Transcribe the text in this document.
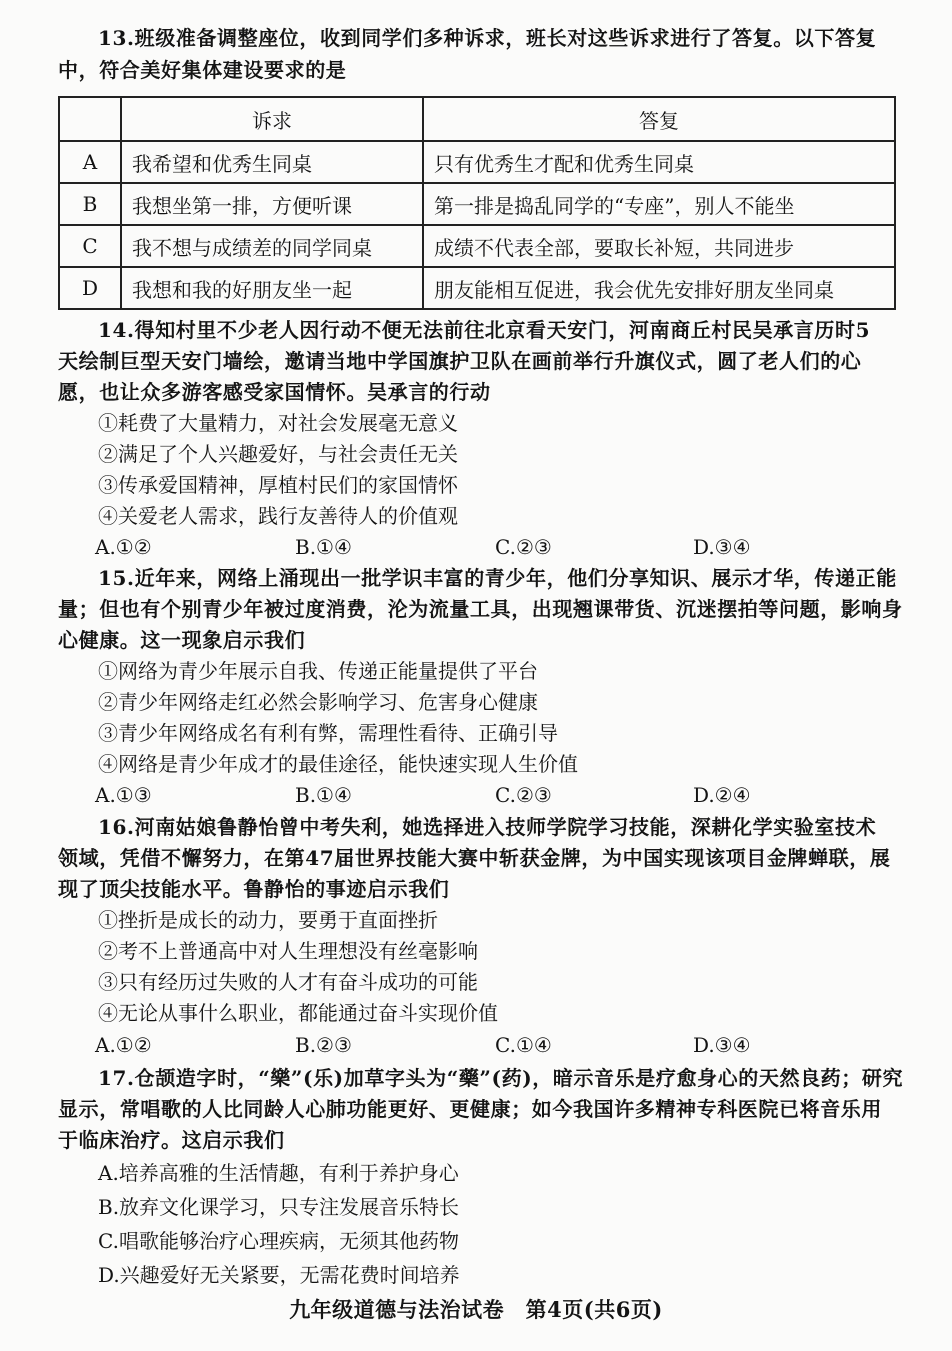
13.班级准备调整座位，收到同学们多种诉求，班长对这些诉求进行了答复。以下答复
中，符合美好集体建设要求的是
	诉求	答复
A	我希望和优秀生同桌	只有优秀生才配和优秀生同桌
B	我想坐第一排，方便听课	第一排是捣乱同学的“专座”，别人不能坐
C	我不想与成绩差的同学同桌	成绩不代表全部，要取长补短，共同进步
D	我想和我的好朋友坐一起	朋友能相互促进，我会优先安排好朋友坐同桌
14.得知村里不少老人因行动不便无法前往北京看天安门，河南商丘村民吴承言历时5
天绘制巨型天安门墙绘，邀请当地中学国旗护卫队在画前举行升旗仪式，圆了老人们的心
愿，也让众多游客感受家国情怀。吴承言的行动
①耗费了大量精力，对社会发展毫无意义
②满足了个人兴趣爱好，与社会责任无关
③传承爱国精神，厚植村民们的家国情怀
④关爱老人需求，践行友善待人的价值观
A.①②	B.①④	C.②③	D.③④
15.近年来，网络上涌现出一批学识丰富的青少年，他们分享知识、展示才华，传递正能
量；但也有个别青少年被过度消费，沦为流量工具，出现翘课带货、沉迷摆拍等问题，影响身
心健康。这一现象启示我们
①网络为青少年展示自我、传递正能量提供了平台
②青少年网络走红必然会影响学习、危害身心健康
③青少年网络成名有利有弊，需理性看待、正确引导
④网络是青少年成才的最佳途径，能快速实现人生价值
A.①③	B.①④	C.②③	D.②④
16.河南姑娘鲁静怡曾中考失利，她选择进入技师学院学习技能，深耕化学实验室技术
领域，凭借不懈努力，在第47届世界技能大赛中斩获金牌，为中国实现该项目金牌蝉联，展
现了顶尖技能水平。鲁静怡的事迹启示我们
①挫折是成长的动力，要勇于直面挫折
②考不上普通高中对人生理想没有丝毫影响
③只有经历过失败的人才有奋斗成功的可能
④无论从事什么职业，都能通过奋斗实现价值
A.①②	B.②③	C.①④	D.③④
17.仓颉造字时，“樂”(乐)加草字头为“藥”(药)，暗示音乐是疗愈身心的天然良药；研究
显示，常唱歌的人比同龄人心肺功能更好、更健康；如今我国许多精神专科医院已将音乐用
于临床治疗。这启示我们
A.培养高雅的生活情趣，有利于养护身心
B.放弃文化课学习，只专注发展音乐特长
C.唱歌能够治疗心理疾病，无须其他药物
D.兴趣爱好无关紧要，无需花费时间培养
九年级道德与法治试卷　第4页(共6页)
